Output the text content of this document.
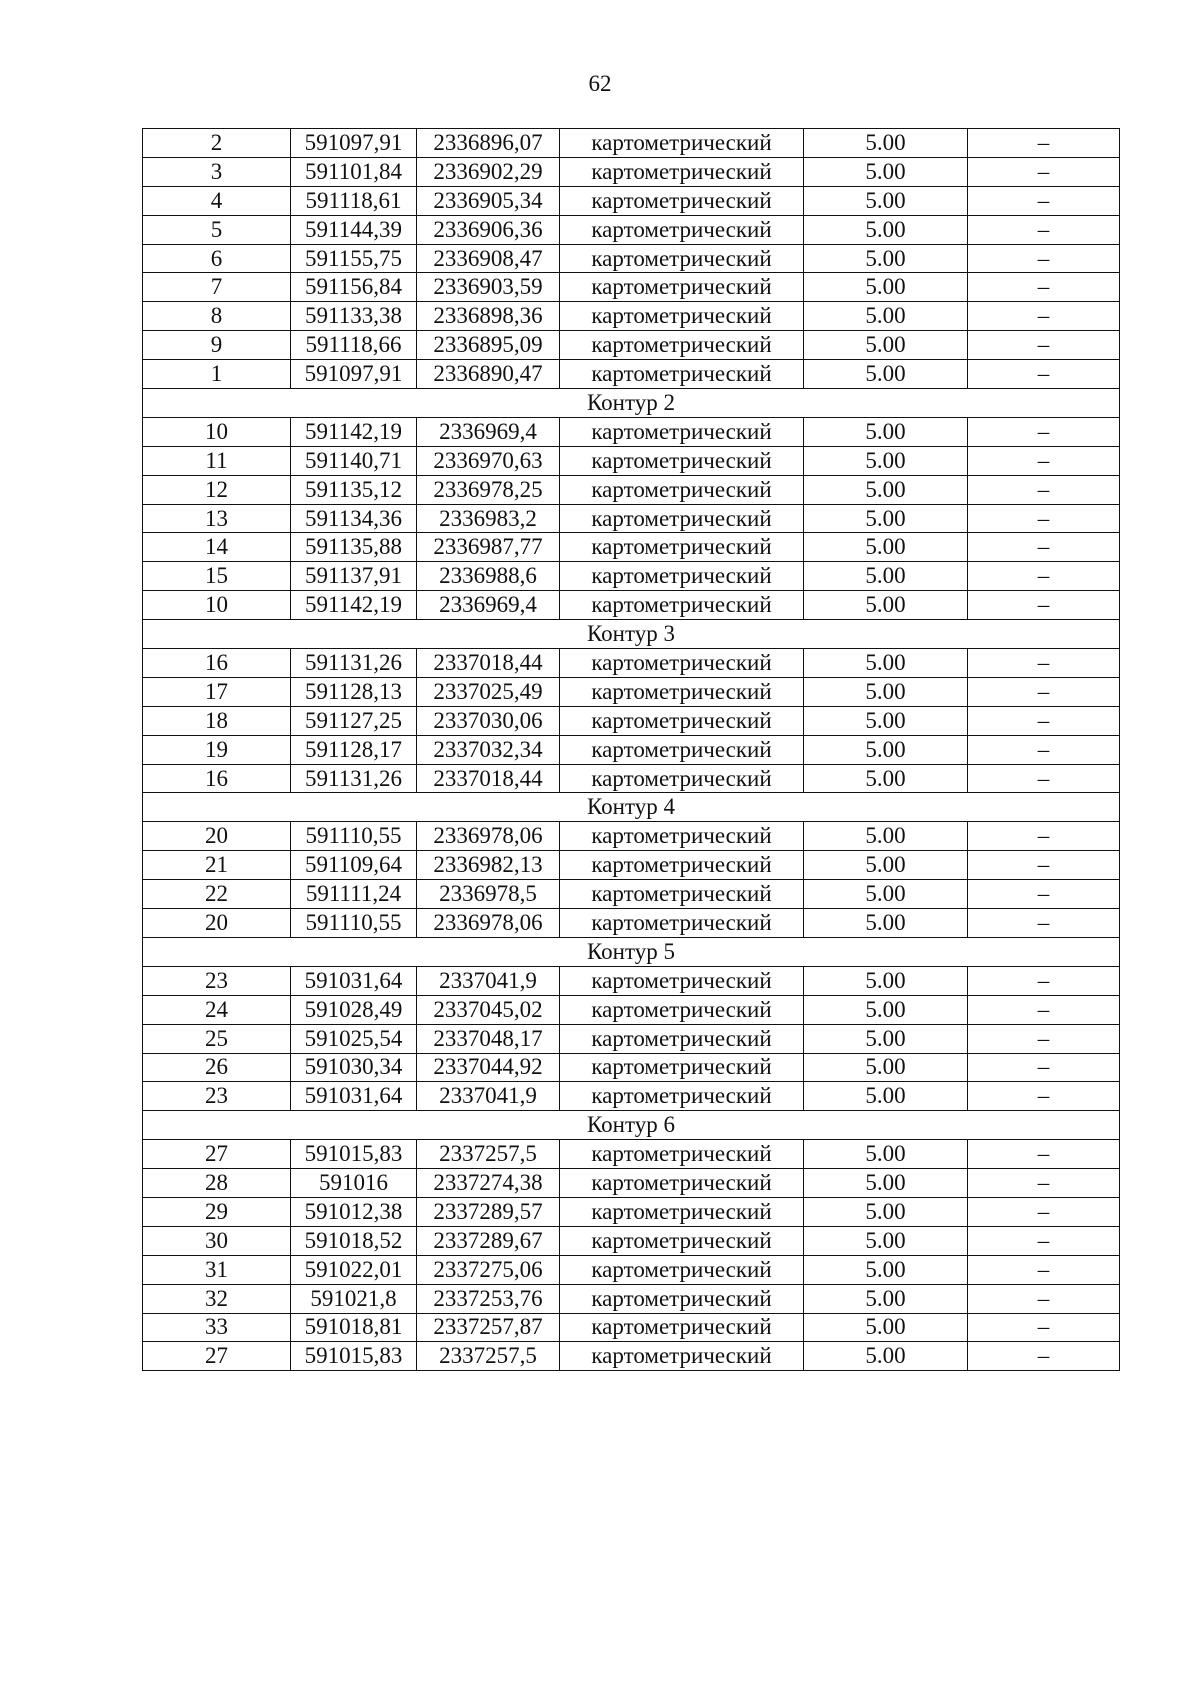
62
2	591097,91	2336896,07	картометрический	5.00	–
3	591101,84	2336902,29	картометрический	5.00	–
4	591118,61	2336905,34	картометрический	5.00	–
5	591144,39	2336906,36	картометрический	5.00	–
6	591155,75	2336908,47	картометрический	5.00	–
7	591156,84	2336903,59	картометрический	5.00	–
8	591133,38	2336898,36	картометрический	5.00	–
9	591118,66	2336895,09	картометрический	5.00	–
1	591097,91	2336890,47	картометрический	5.00	–
Контур 2					
10	591142,19	2336969,4	картометрический	5.00	–
11	591140,71	2336970,63	картометрический	5.00	–
12	591135,12	2336978,25	картометрический	5.00	–
13	591134,36	2336983,2	картометрический	5.00	–
14	591135,88	2336987,77	картометрический	5.00	–
15	591137,91	2336988,6	картометрический	5.00	–
10	591142,19	2336969,4	картометрический	5.00	–
Контур 3					
16	591131,26	2337018,44	картометрический	5.00	–
17	591128,13	2337025,49	картометрический	5.00	–
18	591127,25	2337030,06	картометрический	5.00	–
19	591128,17	2337032,34	картометрический	5.00	–
16	591131,26	2337018,44	картометрический	5.00	–
Контур 4					
20	591110,55	2336978,06	картометрический	5.00	–
21	591109,64	2336982,13	картометрический	5.00	–
22	591111,24	2336978,5	картометрический	5.00	–
20	591110,55	2336978,06	картометрический	5.00	–
Контур 5					
23	591031,64	2337041,9	картометрический	5.00	–
24	591028,49	2337045,02	картометрический	5.00	–
25	591025,54	2337048,17	картометрический	5.00	–
26	591030,34	2337044,92	картометрический	5.00	–
23	591031,64	2337041,9	картометрический	5.00	–
Контур 6					
27	591015,83	2337257,5	картометрический	5.00	–
28	591016	2337274,38	картометрический	5.00	–
29	591012,38	2337289,57	картометрический	5.00	–
30	591018,52	2337289,67	картометрический	5.00	–
31	591022,01	2337275,06	картометрический	5.00	–
32	591021,8	2337253,76	картометрический	5.00	–
33	591018,81	2337257,87	картометрический	5.00	–
27	591015,83	2337257,5	картометрический	5.00	–
